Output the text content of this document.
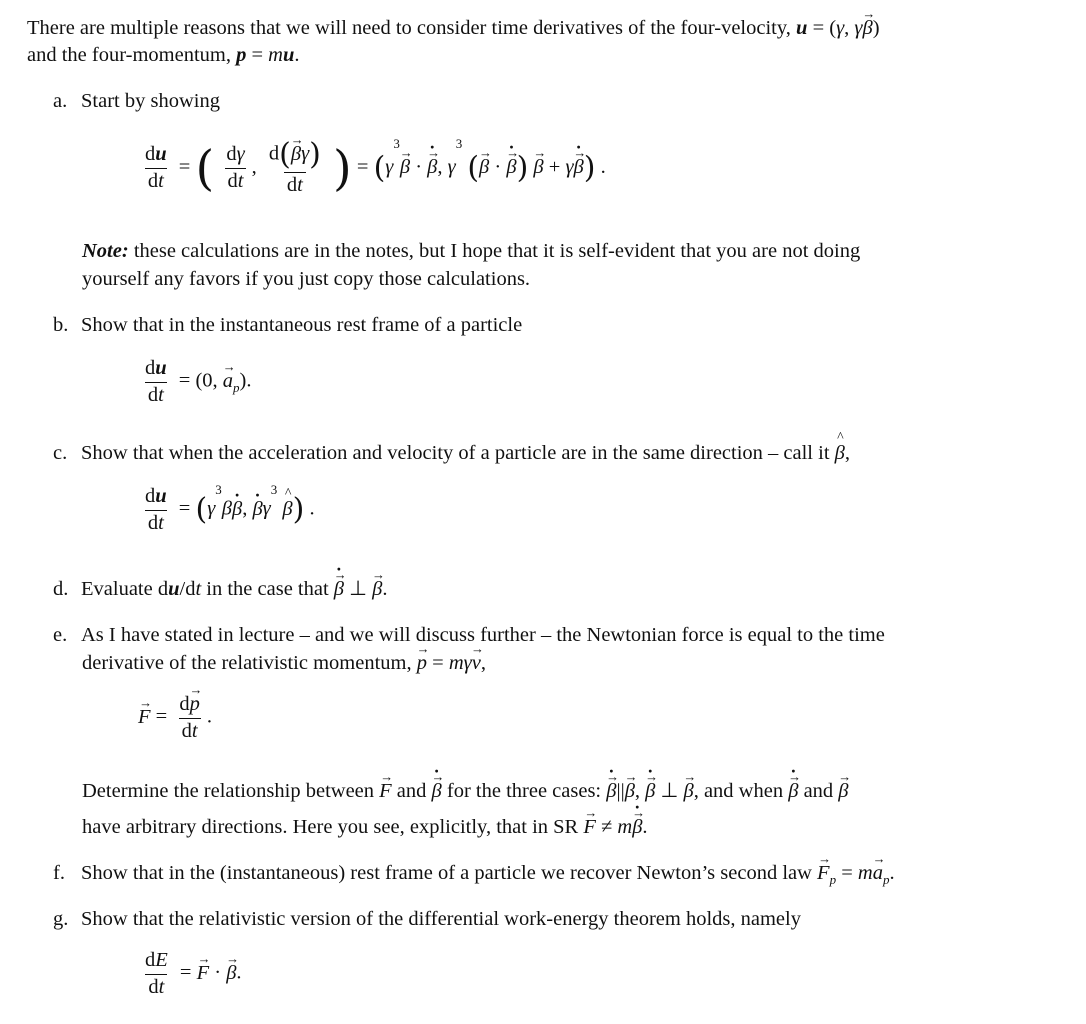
There are multiple reasons that we will need to consider time derivatives of the four-velocity, u = (γ, γ→ β)
and the four-momentum, p = mu.
a. Start by showing
$\frac{du}{dt}$ = ( $\frac{d\gamma}{dt}$ , $\frac{d(\to \beta\gamma)}{dt}$ ) = ($\gamma^3\to \beta$ · → β ·, $\gamma^3$ (→ β · → β ·) → β + γ→ β ·) .
Note: these calculations are in the notes, but I hope that it is self-evident that you are not doing
yourself any favors if you just copy those calculations.
b. Show that in the instantaneous rest frame of a particle
$\frac{du}{dt} = (0$, → $a_p$).
c. Show that when the acceleration and velocity of a particle are in the same direction – call it ^ β,
$\frac{du}{dt} = (\gamma^3\beta\cdot \beta$, · $\beta\gamma^3$ ^ β) .
d. Evaluate du/dt in the case that → β · ⊥ → β.
e. As I have stated in lecture – and we will discuss further – the Newtonian force is equal to the time
derivative of the relativistic momentum, → p = mγ→ v,
→ $F = \frac{d\to p}{dt}$ .
Determine the relationship between → F and → β · for the three cases: → β ·||→ β, → β · ⊥ → β, and when → β · and → β
have arbitrary directions. Here you see, explicitly, that in SR → F ≠ m→ β ·.
f. Show that in the (instantaneous) rest frame of a particle we recover Newton’s second law → $F_p = m\to a_p$.
g. Show that the relativistic version of the differential work-energy theorem holds, namely
$\frac{dE}{dt}$ = → F · → β.
